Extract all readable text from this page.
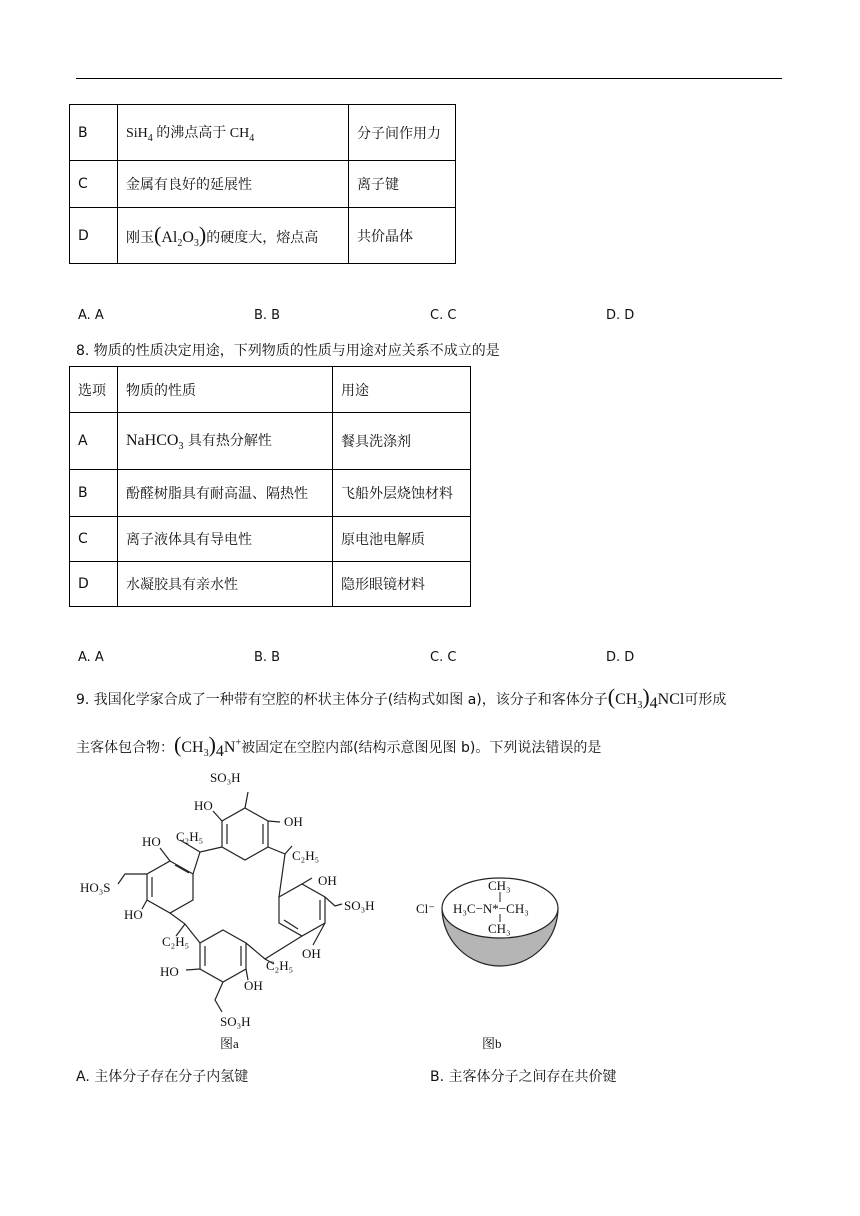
B	SiH$_4$ 的沸点高于 $CH_4$	分子间作用力
C	金属有良好的延展性	离子键
D	刚玉$(Al_2O_3)$的硬度大，熔点高	共价晶体
A. A	B. B	C. C	D. D
8. 物质的性质决定用途，下列物质的性质与用途对应关系不成立的是
选项	物质的性质	用途
A	NaHCO$_3$ 具有热分解性	餐具洗涤剂
B	酚醛树脂具有耐高温、隔热性	飞船外层烧蚀材料
C	离子液体具有导电性	原电池电解质
D	水凝胶具有亲水性	隐形眼镜材料
A. A	B. B	C. C	D. D
9. 我国化学家合成了一种带有空腔的杯状主体分子(结构式如图 a)，该分子和客体分子$(CH_3)_4NCl$可形成
主客体包合物：$(CH_3)_4N^+$被固定在空腔内部(结构示意图见图 b)。下列说法错误的是
SO₃H
HO
OH
HO C₂H₅
C₂H₅
HO₃S	OH
HO
SO₃H
C₂H₅
OH
C₂H₅
HO
OH
SO₃H
图a
Cl⁻
CH₃
H₃C−N*−CH₃
CH₃
图b
A. 主体分子存在分子内氢键	B. 主客体分子之间存在共价键
